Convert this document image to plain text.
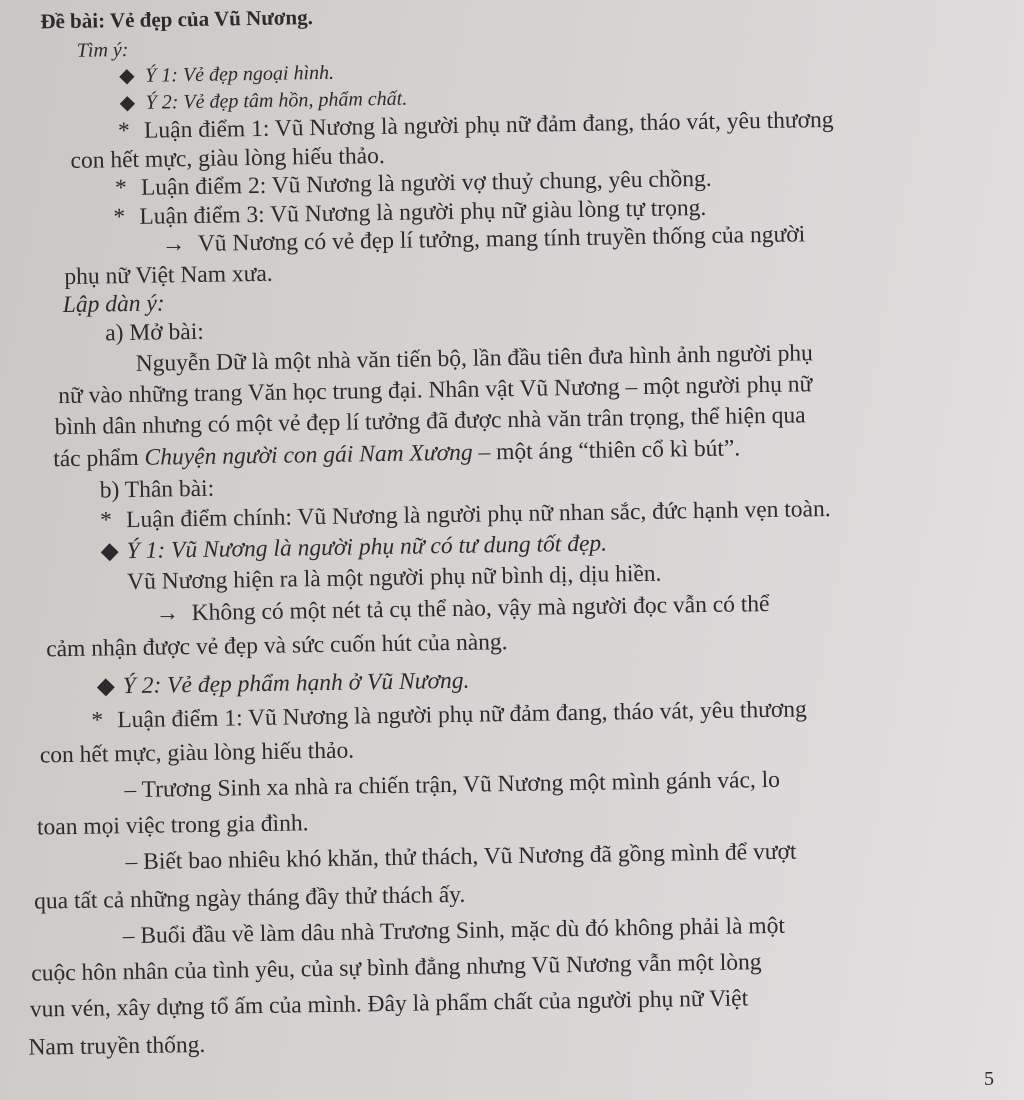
Đề bài: Vẻ đẹp của Vũ Nương.
Tìm ý:
◆ Ý 1: Vẻ đẹp ngoại hình.
◆ Ý 2: Vẻ đẹp tâm hồn, phẩm chất.
* Luận điểm 1: Vũ Nương là người phụ nữ đảm đang, tháo vát, yêu thương
con hết mực, giàu lòng hiếu thảo.
* Luận điểm 2: Vũ Nương là người vợ thuỷ chung, yêu chồng.
* Luận điểm 3: Vũ Nương là người phụ nữ giàu lòng tự trọng.
→ Vũ Nương có vẻ đẹp lí tưởng, mang tính truyền thống của người
phụ nữ Việt Nam xưa.
Lập dàn ý:
a) Mở bài:
Nguyễn Dữ là một nhà văn tiến bộ, lần đầu tiên đưa hình ảnh người phụ
nữ vào những trang Văn học trung đại. Nhân vật Vũ Nương – một người phụ nữ
bình dân nhưng có một vẻ đẹp lí tưởng đã được nhà văn trân trọng, thể hiện qua
tác phẩm Chuyện người con gái Nam Xương – một áng “thiên cổ kì bút”.
b) Thân bài:
* Luận điểm chính: Vũ Nương là người phụ nữ nhan sắc, đức hạnh vẹn toàn.
◆ Ý 1: Vũ Nương là người phụ nữ có tư dung tốt đẹp.
Vũ Nương hiện ra là một người phụ nữ bình dị, dịu hiền.
→ Không có một nét tả cụ thể nào, vậy mà người đọc vẫn có thể
cảm nhận được vẻ đẹp và sức cuốn hút của nàng.
◆ Ý 2: Vẻ đẹp phẩm hạnh ở Vũ Nương.
* Luận điểm 1: Vũ Nương là người phụ nữ đảm đang, tháo vát, yêu thương
con hết mực, giàu lòng hiếu thảo.
– Trương Sinh xa nhà ra chiến trận, Vũ Nương một mình gánh vác, lo
toan mọi việc trong gia đình.
– Biết bao nhiêu khó khăn, thử thách, Vũ Nương đã gồng mình để vượt
qua tất cả những ngày tháng đầy thử thách ấy.
– Buổi đầu về làm dâu nhà Trương Sinh, mặc dù đó không phải là một
cuộc hôn nhân của tình yêu, của sự bình đẳng nhưng Vũ Nương vẫn một lòng
vun vén, xây dựng tổ ấm của mình. Đây là phẩm chất của người phụ nữ Việt
Nam truyền thống.
5
